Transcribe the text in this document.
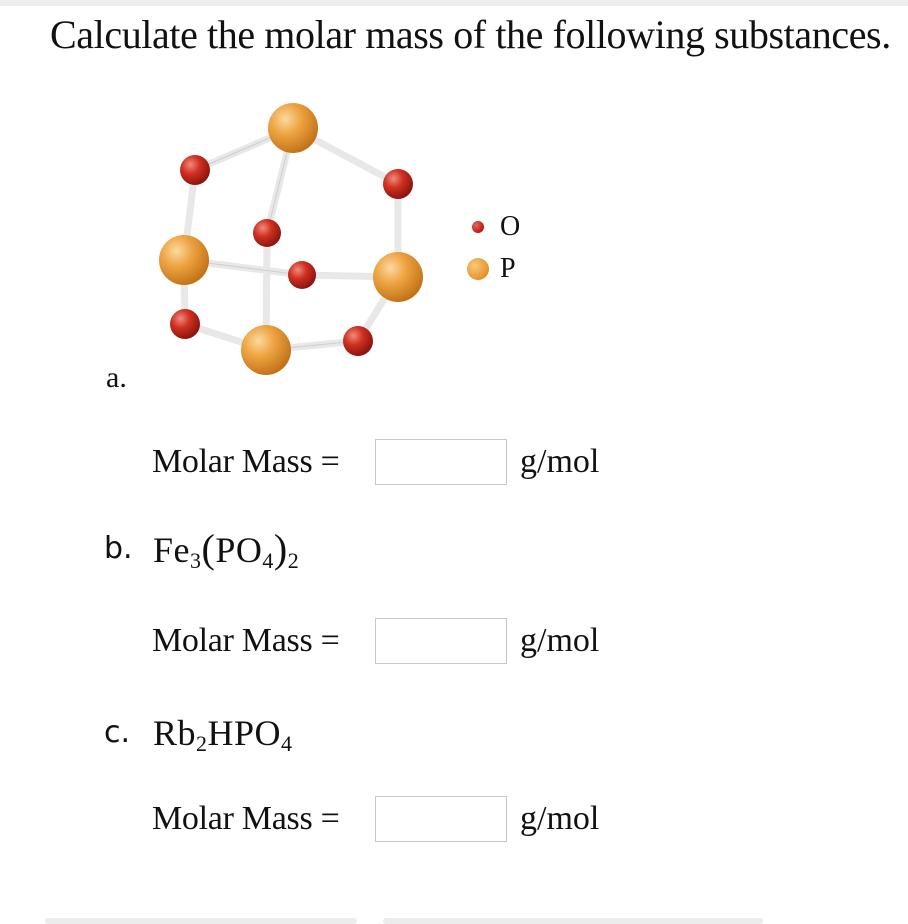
Calculate the molar mass of the following substances.
O
P
a.
Molar Mass =	g/mol
b. $Fe_3(PO_4)_2$
Molar Mass =	g/mol
c. $Rb_2HPO_4$
Molar Mass =	g/mol
